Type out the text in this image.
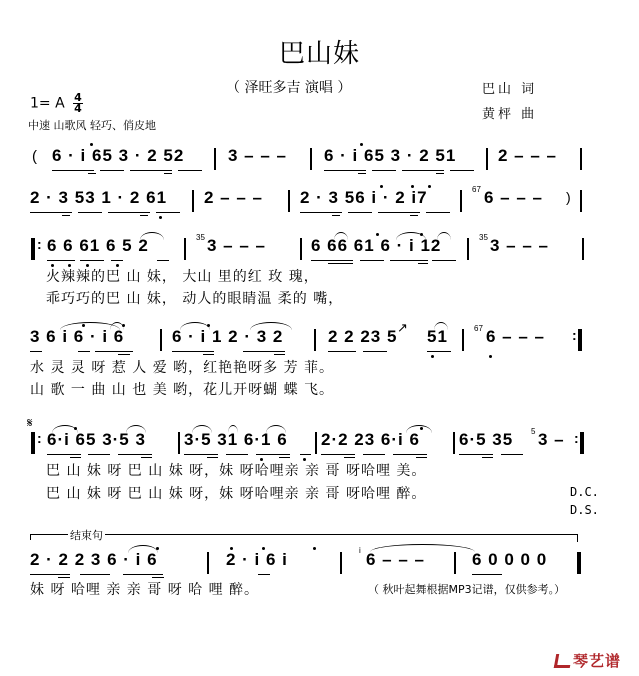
巴山妹
（ 泽旺多吉 演唱 ）	巴山 词
黄枰 曲
1= A $\frac{4}{4}$
中速 山歌风 轻巧、俏皮地
( 6 · i 65 3 · 2 52	3 – – – 6 · i 65 3 · 2 51 2 – – –
2 · 3 53 1 · 2 61 2 – – – 2 · 3 56 i · 2 i7	67 6 – – – )
: 6 6 61 6 5 2	35 3 – – –	6 66 61 6 · i 12	35 3 – – –
火辣辣的巴 山 妹， 大山 里的红 玫 瑰，
乖巧巧的巴 山 妹， 动人的眼睛温 柔的 嘴，
3 6 i 6 · i 6	6 · i 1 2 · 3 2	2 2 23 5 ↗ 51	67 6 – – – :
水 灵 灵 呀 惹 人 爱 哟，红艳艳呀多 芳 菲。
山 歌 一 曲 山 也 美 哟，花儿开呀蝴 蝶 飞。
𝄋
: 6·i 65 3·5 3 3·5 31 6·1 6 2·2 23 6·i 6 6·5 35 5 3 – :
巴 山 妹 呀 巴 山 妹 呀，妹 呀哈哩亲 亲 哥 呀哈哩 美。
巴 山 妹 呀 巴 山 妹 呀，妹 呀哈哩亲 亲 哥 呀哈哩 醉。	D.C.
D.S.
结束句
2 · 2 2 3 6 · i 6	2 · i 6 i	i 6 – – –	6 0 0 0 0
妹 呀 哈哩 亲 亲 哥 呀 哈 哩 醉。	（ 秋叶起舞根据MP3记谱，仅供参考。）
琴艺谱
